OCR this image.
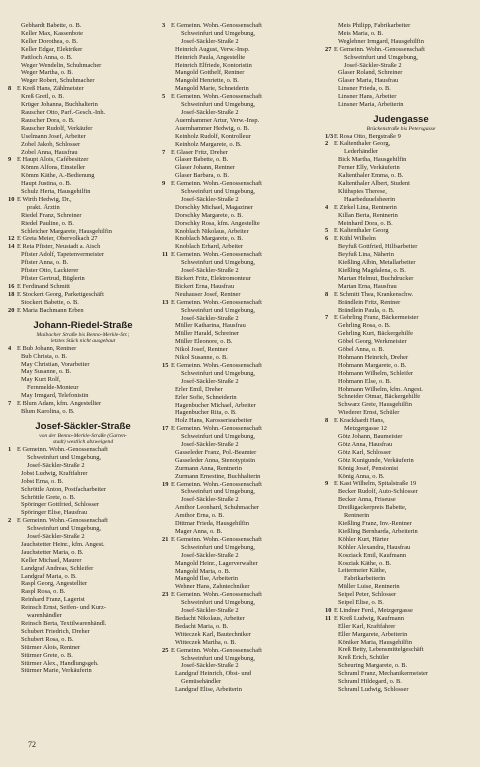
Gebhardt Babette, o. B.
Keller Max, Kassenbote
Keller Dorothea, o. B.
Keller Edgar, Elektriker
Pattloch Anna, o. B.
Weger Wendelin, Schuhmacher
Weger Martha, o. B.
Weger Robert, Schuhmacher
8 E Kreß Hans, Zählmeister
Kreß Gretl, o. B.
Krüger Johanna, Buchhalterin
Rauscher Otto, Parf.-Gesch.-Inh.
Rauscher Dora, o. B.
Rauscher Rudolf, Verkäufer
Uselmann Josef, Arbeiter
Zobel Jakob, Schlosser
Zobel Anna, Hausfrau
9 E Haupt Alois, Cafébesitzer
Kömm Alfons, Einsteller
Kömm Käthe, A.-Bedienung
Haupt Justina, o. B.
Schulz Herta, Hausgehilfin
10 E Wirth Hedwig, Dr.,
prakt. Ärztin
Riedel Franz, Schreiner
Riedel Pauline, o. B.
Schleicher Margarete, Hausgehilfin
12 E Greta Meier, Obervolkach 27
14 E Reta Pfister, Neustadt a. Aisch
Pfister Adolf, Tapetenvermeister
Pfister Anna, o. B.
Pfister Otto, Lackierer
Pfister Gertrud, Büglerin
16 E Ferdinand Schmitt
18 E Stockert Georg, Parkettgeschäft
Stockert Babette, o. B.
20 E Maria Bachmann Erben
Johann-Riedel-Straße
Maibacher Straße bis Benno-Merkle-Str.;
letztes Stück nicht ausgebaut
4 E Bub Johann, Rentner
Bub Christa, o. B.
May Christian, Vorarbeiter
May Susanne, o. B.
May Kurt Rolf,
Fernmelde-Monteur
May Irmgard, Telefonistin
7 E Blum Adam, kfm. Angestellter
Blum Karolina, o. B.
Josef-Säckler-Straße
von der Benno-Merkle-Straße (Garten-
stadt) westlich abzweigend
1 E Gemeinn. Wohn.-Genossenschaft
Schweinfurt und Umgebung,
Josef-Säckler-Straße 2
Jobst Ludwig, Kraftfahrer
Jobst Erna, o. B.
Schröttle Anton, Postfacharbeiter
Schröttle Grete, o. B.
Spöringer Gottfried, Schlosser
Spöringer Elise, Hausfrau
2 E Gemeinn. Wohn.-Genossenschaft
Schweinfurt und Umgebung,
Josef-Säckler-Straße 2
Jauchstetter Heinr., kfm. Angest.
Jauchstetter Maria, o. B.
Keller Michael, Maurer
Landgraf Andreas, Schleifer
Landgraf Maria, o. B.
Raspl Georg, Angestellter
Raspl Rosa, o. B.
Reinhard Franz, Lagerist
Reinsch Ernst, Seifen- und Kurz-
warenhändler
Reinsch Berta, Textilwarenhändl.
Schubert Friedrich, Dreher
Schubert Rosa, o. B.
Stürmer Alois, Rentner
Stürmer Grete, o. B.
Stürmer Alex., Handlungsgeh.
Stürmer Marie, Verkäuferin
3 E Gemeinn. Wohn.-Genossenschaft
Schweinfurt und Umgebung,
Josef-Säckler-Straße 2
Heinrich August, Verw.-Insp.
Heinrich Paula, Angestellte
Heinrich Elfriede, Kontoristin
Mangold Gotthelf, Rentner
Mangold Henriette, o. B.
Mangold Marie, Schneiderin
5 E Gemeinn. Wohn.-Genossenschaft
Schweinfurt und Umgebung,
Josef-Säckler-Straße 2
Auernhammer Artur, Verw.-Insp.
Auernhammer Hedwig, o. B.
Keinholz Rudolf, Kontrolleur
Keinholz Margarete, o. B.
7 E Glaser Fritz, Dreher
Glaser Babette, o. B.
Glaser Johann, Rentner
Glaser Barbara, o. B.
9 E Gemeinn. Wohn.-Genossenschaft
Schweinfurt und Umgebung,
Josef-Säckler-Straße 2
Dorschky Michael, Magaziner
Dorschky Margarete, o. B.
Dorschky Rosa, kfm. Angestellte
Knoblach Nikolaus, Arbeiter
Knoblach Margarete, o. B.
Knoblach Erhard, Arbeiter
11 E Gemeinn. Wohn.-Genossenschaft
Schweinfurt und Umgebung,
Josef-Säckler-Straße 2
Bickert Fritz, Elektromonteur
Bickert Erna, Hausfrau
Neuhauser Josef, Rentner
13 E Gemeinn. Wohn.-Genossenschaft
Schweinfurt und Umgebung,
Josef-Säckler-Straße 2
Müller Katharina, Hausfrau
Müller Harald, Schreiner
Müller Eleonore, o. B.
Nikol Josef, Rentner
Nikol Susanne, o. B.
15 E Gemeinn. Wohn.-Genossenschaft
Schweinfurt und Umgebung,
Josef-Säckler-Straße 2
Erler Emil, Dreher
Erler Sofie, Schneiderin
Hagenbucher Michael, Arbeiter
Hagenbucher Rita, o. B.
Holz Hans, Karosseriearbeiter
17 E Gemeinn. Wohn.-Genossenschaft
Schweinfurt und Umgebung,
Josef-Säckler-Straße 2
Gasseleder Franz, Pol.-Beamter
Gasseleder Anna, Stenotypistin
Zurmann Anna, Rentnerin
Zurmann Ernestine, Buchhalterin
19 E Gemeinn. Wohn.-Genossenschaft
Schweinfurt und Umgebung,
Josef-Säckler-Straße 2
Amthor Leonhard, Schuhmacher
Amthor Erna, o. B.
Dittmar Frieda, Hausgehilfin
Mager Anna, o. B.
21 E Gemeinn. Wohn.-Genossenschaft
Schweinfurt und Umgebung,
Josef-Säckler-Straße 2
Mangold Heinr., Lagerverwalter
Mangold Maria, o. B.
Mangold Ilse, Arbeiterin
Wehner Hans, Zahntechniker
23 E Gemeinn. Wohn.-Genossenschaft
Schweinfurt und Umgebung,
Josef-Säckler-Straße 2
Bedacht Nikolaus, Arbeiter
Bedacht Maria, o. B.
Witteczek Karl, Bautechniker
Witteczek Martha, o. B.
25 E Gemeinn. Wohn.-Genossenschaft
Schweinfurt und Umgebung,
Josef-Säckler-Straße 2
Landgraf Heinrich, Obst- und
Gemüsehändler
Landgraf Elise, Arbeiterin
Meis Philipp, Fabrikarbeiter
Meis Maria, o. B.
Weglehner Irmgard, Hausgehilfin
27 E Gemeinn. Wohn.-Genossenschaft
Schweinfurt und Umgebung,
Josef-Säckler-Straße 2
Glaser Roland, Schreiner
Glaser Maria, Hausfrau
Linsner Frieda, o. B.
Linsner Hans, Arbeiter
Linsner Maria, Arbeiterin
Judengasse
Brückenstraße bis Petersgasse
1/3E Rosa Otto, Bergstraße 9
2 E Kaltenthaler Georg,
Lederhändler
Bick Martha, Hausgehilfin
Ferner Elly, Verkäuferin
Kaltenthaler Emma, o. B.
Kaltenthaler Albert, Student
Klühspies Therese,
Haarbeduuelsheerin
4 E Zirkel Lina, Rentnerin
Killan Berta, Rentnerin
Meinhard Dora, o. B.
5 E Kaltenthaler Georg
6 E Kühl Wilhelm
Beyfuß Gottfried, Hilfsarbeiter
Beyfuß Lina, Näherin
Kießling Albin, Metallarbeiter
Kießling Magdalena, o. B.
Martan Helmut, Buchdrucker
Martan Erna, Hausfrau
8 E Schmitt Thea, Krankenschw.
Brändlein Fritz, Rentner
Brändlein Paula, o. B.
7 E Gehrling Franz, Bäckermeister
Gehrling Rosa, o. B.
Gehrling Kurt, Bäckergehilfe
Göbel Georg, Werkmeister
Göbel Anna, o. B.
Hohmann Heinrich, Dreher
Hohmann Margarete, o. B.
Hohmann Wilhelm, Schleifer
Hohmann Else, o. B.
Hohmann Wilhelm, kfm. Angest.
Schneider Otmar, Bäckergehilfe
Schwarz Grete, Hausgehilfin
Wiederer Ernst, Schüler
8 E Krackhardt Hans,
Metzgergasse 12
Götz Johann, Baumeister
Götz Anna, Hausfrau
Götz Karl, Schlosser
Götz Kunigunde, Verkäuferin
König Josef, Pensionist
König Anna, o. B.
9 E Kast Wilhelm, Spitalstraße 19
Becker Rudolf, Auto-Schlosser
Becker Anna, Friseuse
Dreißigackerpreis Babette,
Rentnerin
Kießling Franz, Inv.-Rentner
Kießling Bernharda, Arbeiterin
Köhler Kurt, Härter
Köhler Alexandra, Hausfrau
Kosziack Emil, Kaufmann
Kosziak Käthe, o. B.
Leitermeier Käthe,
Fabrikarbeiterin
Müller Luise, Rentnerin
Seipel Peter, Schlosser
Seipel Elise, o. B.
10 E Lindner Ferd., Metzgergasse
11 E Kreß Ludwig, Kaufmann
Eller Karl, Kraftfahrer
Eller Margarete, Arbeiterin
Köniker Maria, Hausgehilfin
Kreß Betty, Lebensmittelgeschäft
Kreß Erich, Schüler
Scheuring Margarete, o. B.
Schraml Franz, Mechanikermeister
Schraml Hildegard, o. B.
Schraml Ludwig, Schlosser
72
